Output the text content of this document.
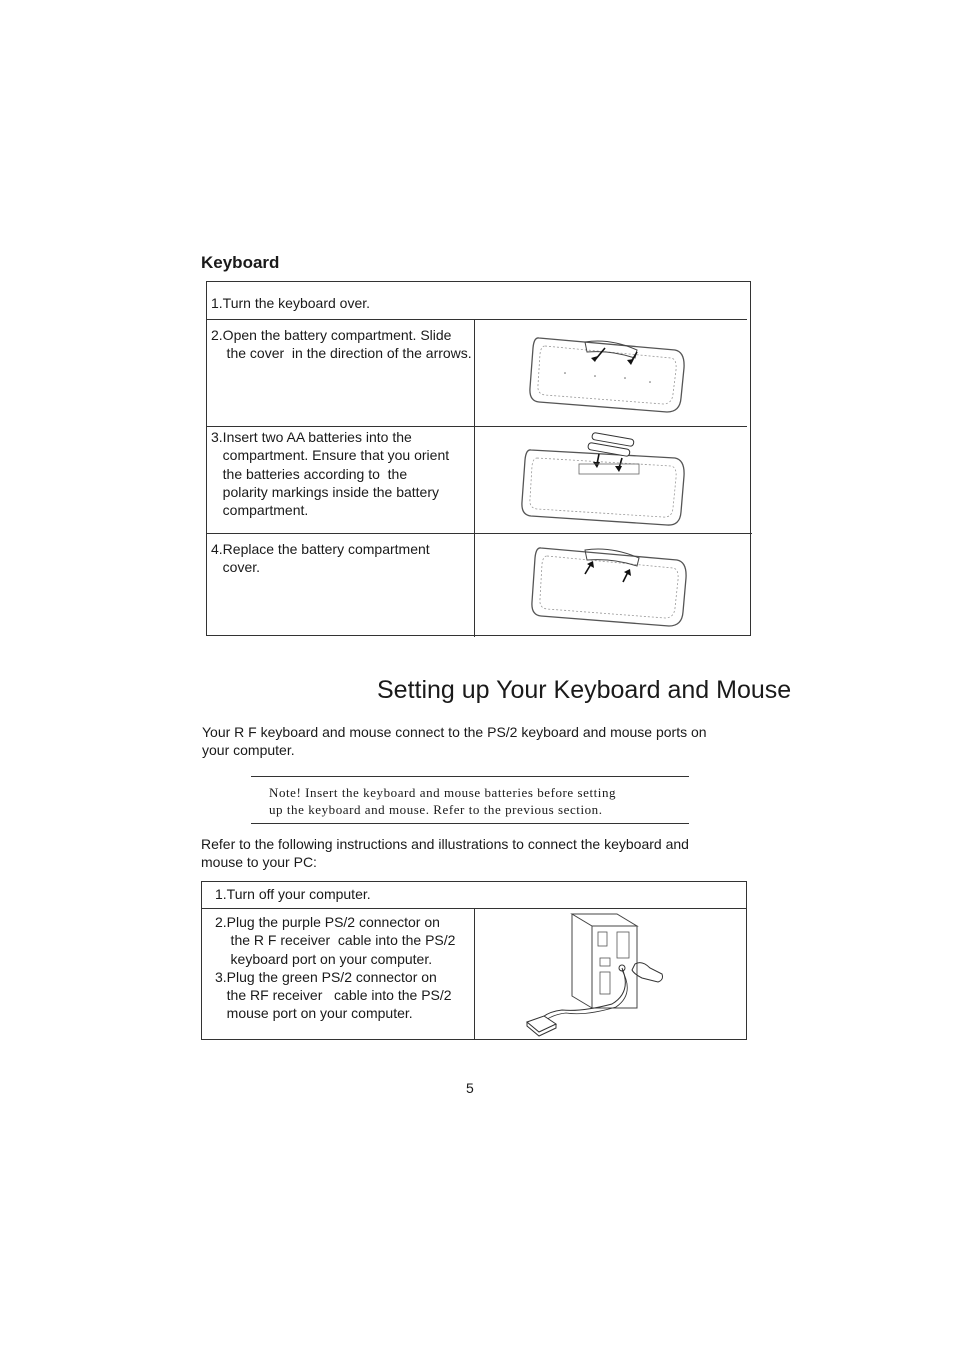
Keyboard
1.Turn the keyboard over.
2.Open the battery compartment. Slide
the cover  in the direction of the arrows.
3.Insert two AA batteries into the
compartment. Ensure that you orient
the batteries according to  the
polarity markings inside the battery
compartment.
4.Replace the battery compartment
cover.
Setting up Your Keyboard and Mouse
Your R F keyboard and mouse connect to the PS/2 keyboard and mouse ports on
your computer.
Note! Insert the keyboard and mouse batteries before setting
up the keyboard and mouse. Refer to the previous section.
Refer to the following instructions and illustrations to connect the keyboard and
mouse to your PC:
1.Turn off your computer.
2.Plug the purple PS/2 connector on
the R F receiver  cable into the PS/2
keyboard port on your computer.
3.Plug the green PS/2 connector on
the RF receiver   cable into the PS/2
mouse port on your computer.
5
